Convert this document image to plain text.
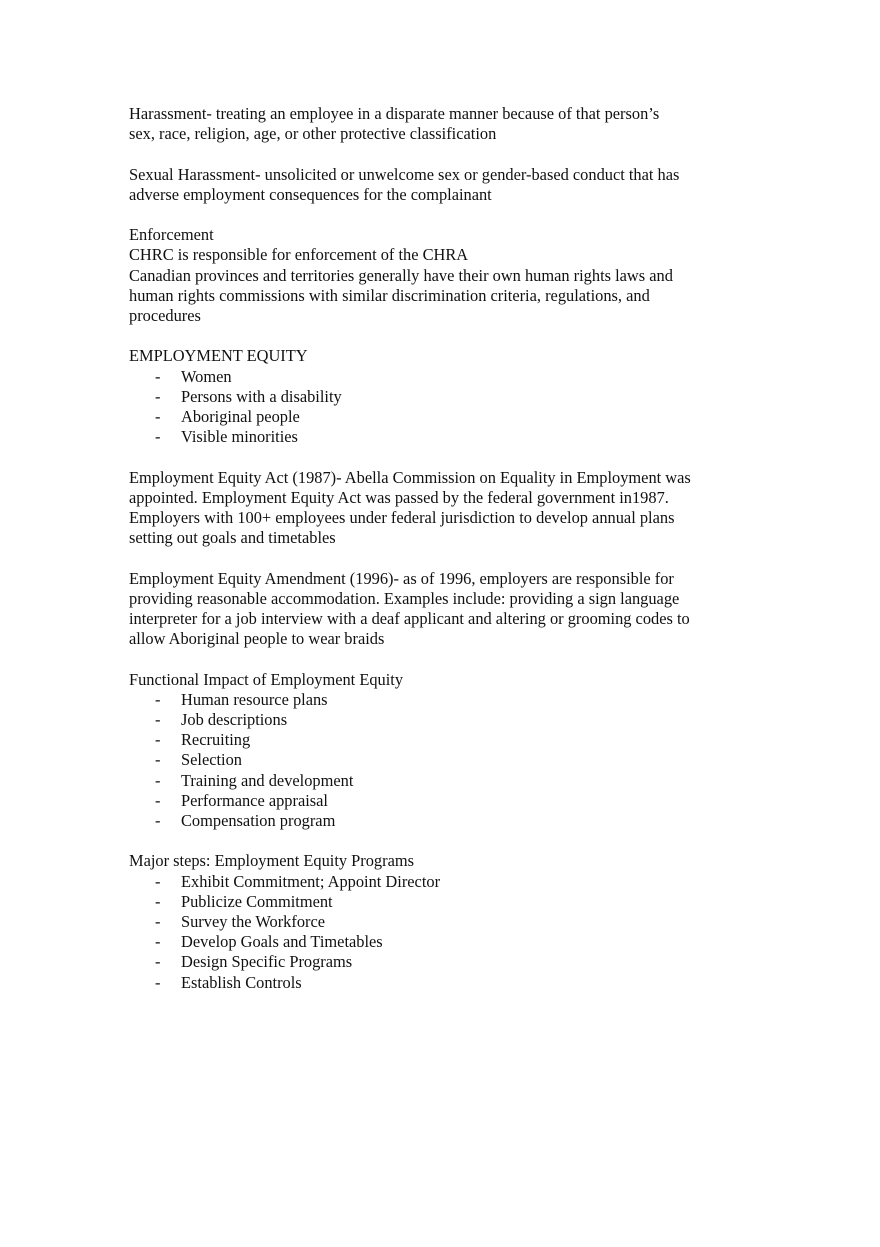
Harassment- treating an employee in a disparate manner because of that person’s
sex, race, religion, age, or other protective classification
Sexual Harassment- unsolicited or unwelcome sex or gender-based conduct that has
adverse employment consequences for the complainant
Enforcement
CHRC is responsible for enforcement of the CHRA
Canadian provinces and territories generally have their own human rights laws and
human rights commissions with similar discrimination criteria, regulations, and
procedures
EMPLOYMENT EQUITY
- Women
- Persons with a disability
- Aboriginal people
- Visible minorities
Employment Equity Act (1987)- Abella Commission on Equality in Employment was
appointed. Employment Equity Act was passed by the federal government in1987.
Employers with 100+ employees under federal jurisdiction to develop annual plans
setting out goals and timetables
Employment Equity Amendment (1996)- as of 1996, employers are responsible for
providing reasonable accommodation. Examples include: providing a sign language
interpreter for a job interview with a deaf applicant and altering or grooming codes to
allow Aboriginal people to wear braids
Functional Impact of Employment Equity
- Human resource plans
- Job descriptions
- Recruiting
- Selection
- Training and development
- Performance appraisal
- Compensation program
Major steps: Employment Equity Programs
- Exhibit Commitment; Appoint Director
- Publicize Commitment
- Survey the Workforce
- Develop Goals and Timetables
- Design Specific Programs
- Establish Controls
